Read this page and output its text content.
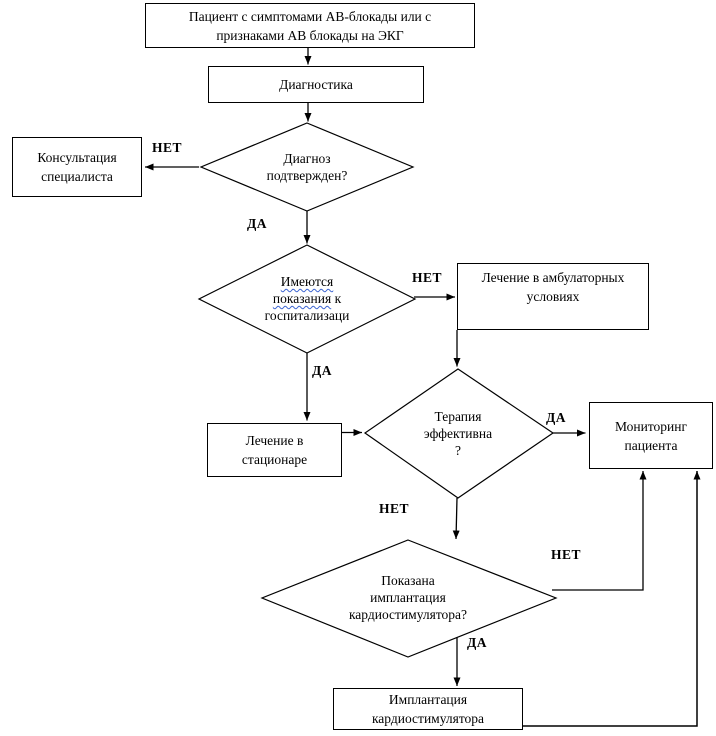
Пациент с симптомами АВ-блокады или с
признаками АВ блокады на ЭКГ
Диагностика
Консультация
специалиста
Лечение в амбулаторных
условиях
Лечение в
стационаре
Мониторинг
пациента
Имплантация
кардиостимулятора
Диагноз
подтвержден?
Имеются
показания к
госпитализаци
Терапия
эффективна
?
Показана
имплантация
кардиостимулятора?
НЕТ
ДА
НЕТ
ДА
ДА
НЕТ
НЕТ
ДА
